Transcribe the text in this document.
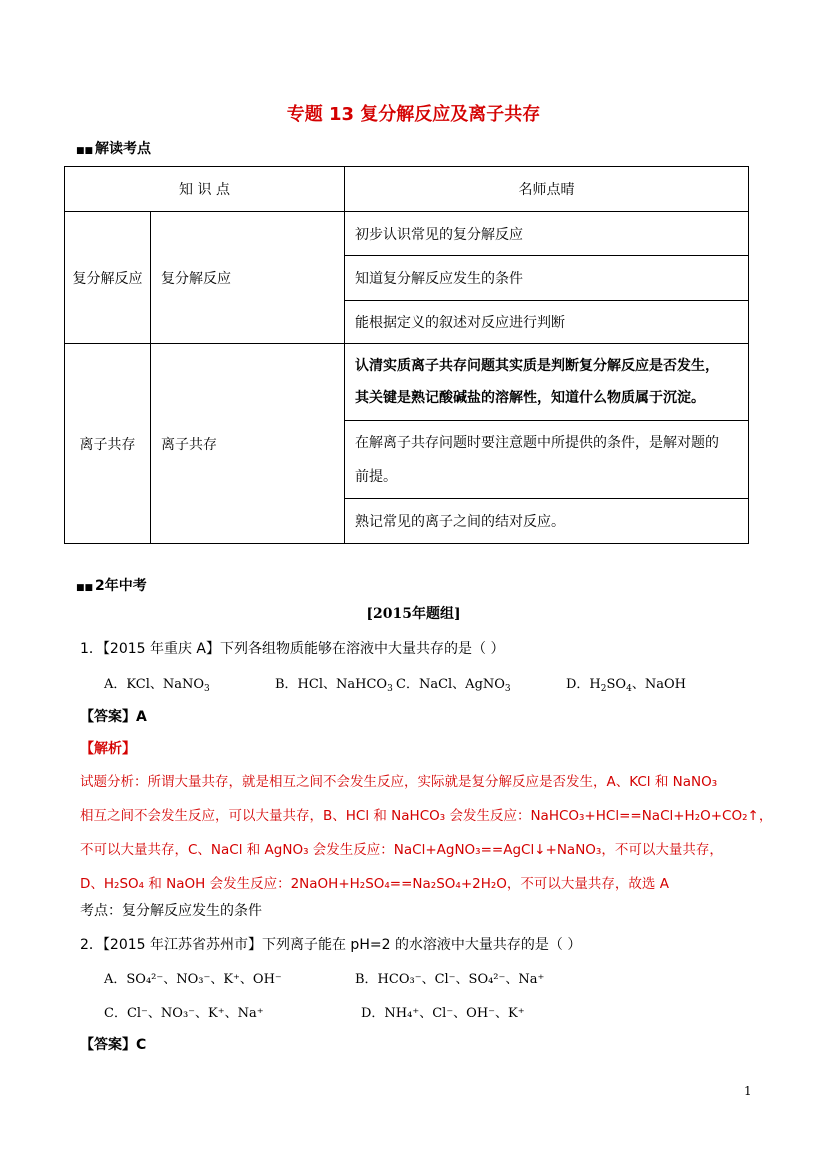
专题 13 复分解反应及离子共存
■■ 解读考点
知 识 点		名师点晴
复分解反应	复分解反应	初步认识常见的复分解反应
		知道复分解反应发生的条件
		能根据定义的叙述对反应进行判断
离子共存	离子共存	认清实质离子共存问题其实质是判断复分解反应是否发生，
其关键是熟记酸碱盐的溶解性，知道什么物质属于沉淀。

		在解离子共存问题时要注意题中所提供的条件，是解对题的
前提。

		熟记常见的离子之间的结对反应。
■■ 2年中考
[2015年题组]
1．【2015 年重庆 A】下列各组物质能够在溶液中大量共存的是（ ）
A．KCl、NaNO$_3$	B．HCl、NaHCO$_3$ C．NaCl、AgNO$_3$	D．$H_2SO_4$、NaOH
【答案】A
【解析】
试题分析：所谓大量共存，就是相互之间不会发生反应，实际就是复分解反应是否发生，A、KCl 和 NaNO₃
相互之间不会发生反应，可以大量共存，B、HCl 和 NaHCO₃ 会发生反应：NaHCO₃+HCl==NaCl+H₂O+CO₂↑，
不可以大量共存，C、NaCl 和 AgNO₃ 会发生反应：NaCl+AgNO₃==AgCl↓+NaNO₃，不可以大量共存，
D、H₂SO₄ 和 NaOH 会发生反应：2NaOH+H₂SO₄==Na₂SO₄+2H₂O，不可以大量共存，故选 A
考点：复分解反应发生的条件
2．【2015 年江苏省苏州市】下列离子能在 pH=2 的水溶液中大量共存的是（ ）
A．SO₄²⁻、NO₃⁻、K⁺、OH⁻	B．HCO₃⁻、Cl⁻、SO₄²⁻、Na⁺
C．Cl⁻、NO₃⁻、K⁺、Na⁺	D．NH₄⁺、Cl⁻、OH⁻、K⁺
【答案】C
1
